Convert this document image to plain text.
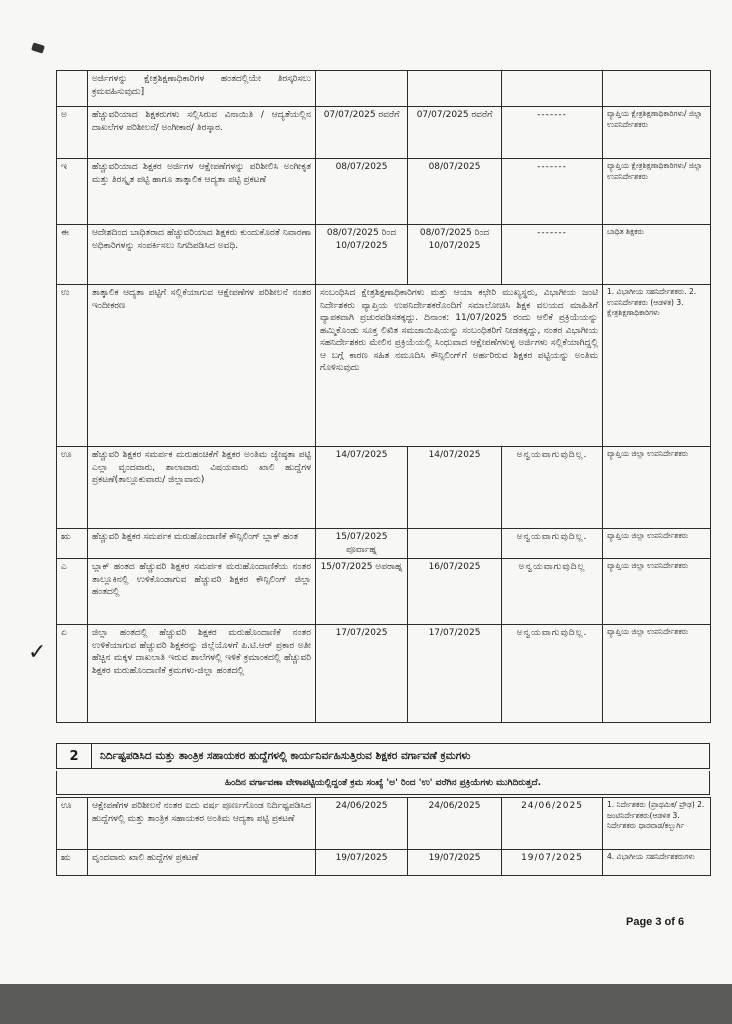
✓
	ಅರ್ಜಿಗಳನ್ನು ಕ್ಷೇತ್ರಶಿಕ್ಷಣಾಧಿಕಾರಿಗಳ ಹಂತದಲ್ಲಿಯೇ ತಿರಸ್ಕರಿಸಲು ಕ್ರಮವಹಿಸುವುದು]				
ಅ	ಹೆಚ್ಚುವರಿಯಾದ ಶಿಕ್ಷಕರುಗಳು ಸಲ್ಲಿಸಿರುವ ವಿನಾಯಿತಿ / ಆದ್ಯತೆಯಲ್ಲಿನ ದಾಖಲೆಗಳ ಪರಿಶೀಲನೆ/ ಅಂಗೀಕಾರ/ ತಿರಸ್ಕಾರ.	07/07/2025 ರವರೆಗೆ	07/07/2025 ರವರೆಗೆ	-------	ವ್ಯಾಪ್ತಿಯ ಕ್ಷೇತ್ರಶಿಕ್ಷಣಾಧಿಕಾರಿಗಳು/ ಜಿಲ್ಲಾ ಉಪನಿರ್ದೇಶಕರು
ಇ	ಹೆಚ್ಚುವರಿಯಾದ ಶಿಕ್ಷಕರ ಅರ್ಜಿಗಳ ಆಕ್ಷೇಪಣೆಗಳನ್ನು ಪರಿಶೀಲಿಸಿ ಅಂಗೀಕೃತ ಮತ್ತು ತಿರಸ್ಕೃತ ಪಟ್ಟಿ ಹಾಗೂ ತಾತ್ಕಾಲಿಕ ಆದ್ಯತಾ ಪಟ್ಟಿ ಪ್ರಕಟಣೆ	08/07/2025	08/07/2025	-------	ವ್ಯಾಪ್ತಿಯ ಕ್ಷೇತ್ರಶಿಕ್ಷಣಾಧಿಕಾರಿಗಳು/ ಜಿಲ್ಲಾ ಉಪನಿರ್ದೇಶಕರು
ಈ	ಆದೇಶದಿಂದ ಬಾಧಿತರಾದ ಹೆಚ್ಚುವರಿಯಾದ ಶಿಕ್ಷಕರು ಕುಂದುಕೊರತೆ ನಿವಾರಣಾ ಅಧಿಕಾರಿಗಳನ್ನು ಸಂಪರ್ಕಿಸಲು ನಿಗದಿಪಡಿಸಿದ ಅವಧಿ.	08/07/2025 ರಿಂದ 10/07/2025	08/07/2025 ರಿಂದ 10/07/2025	-------	ಬಾಧಿತ ಶಿಕ್ಷಕರು
ಉ	ತಾತ್ಕಾಲಿಕ ಆದ್ಯತಾ ಪಟ್ಟಿಗೆ ಸಲ್ಲಿಕೆಯಾಗುವ ಆಕ್ಷೇಪಣೆಗಳ ಪರಿಶೀಲನೆ ನಂತರ ಇಂದೀಕರಣ	ಸಂಬಂಧಿಸಿದ ಕ್ಷೇತ್ರಶಿಕ್ಷಣಾಧಿಕಾರಿಗಳು ಮತ್ತು ಆಯಾ ಕಛೇರಿ ಮುಖ್ಯಸ್ಥರು, ವಿಭಾಗೀಯ ಜಂಟಿ ನಿರ್ದೇಶಕರು ವ್ಯಾಪ್ತಿಯ ಉಪನಿರ್ದೇಶಕರೊಂದಿಗೆ ಸಮಾಲೋಚಿಸಿ ಶಿಕ್ಷಕ ವಲಯದ ಮಾಹಿತಿಗೆ ವ್ಯಾಪಕವಾಗಿ ಪ್ರಚುರಪಡಿಸತಕ್ಕದ್ದು. ದಿನಾಂಕ: 11/07/2025 ರಂದು ಆಲಿಕೆ ಪ್ರಕ್ರಿಯೆಯನ್ನು ಹಮ್ಮಿಕೊಂಡು ಸೂಕ್ತ ಲಿಖಿತ ಸಮಜಾಯಿಷಿಯನ್ನು ಸಂಬಂಧಿತರಿಗೆ ನೀಡತಕ್ಕದ್ದು, ನಂತರ ವಿಭಾಗೀಯ ಸಹನಿರ್ದೇಶಕರು ಮೇಲಿನ ಪ್ರಕ್ರಿಯೆಯಲ್ಲಿ ಸಿಂಧುವಾದ ಆಕ್ಷೇಪಣೆಗಳುಳ್ಳ ಅರ್ಜಿಗಳು ಸಲ್ಲಿಕೆಯಾಗಿದ್ದಲ್ಲಿ ಆ ಬಗ್ಗೆ ಕಾರಣ ಸಹಿತ ನಮೂದಿಸಿ ಕೌನ್ಸಿಲಿಂಗ್‌ಗೆ ಅರ್ಹರಿರುವ ಶಿಕ್ಷಕರ ಪಟ್ಟಿಯನ್ನು ಅಂತಿಮ ಗೊಳಿಸುವುದು			1. ವಿಭಾಗೀಯ ಸಹನಿರ್ದೇಶಕರು. 2. ಉಪನಿರ್ದೇಶಕರು (ಆಡಳಿತ) 3. ಕ್ಷೇತ್ರಶಿಕ್ಷಣಾಧಿಕಾರಿಗಳು
ಊ	ಹೆಚ್ಚುವರಿ ಶಿಕ್ಷಕರ ಸಮರ್ಪಕ ಮರುಹಂಚಿಕೆಗೆ ಶಿಕ್ಷಕರ ಅಂತಿಮ ಜ್ಯೇಷ್ಠತಾ ಪಟ್ಟಿ ಎಲ್ಲಾ ವೃಂದವಾರು, ಶಾಲಾವಾರು ವಿಷಯವಾರು ಖಾಲಿ ಹುದ್ದೆಗಳ ಪ್ರಕಟಣೆ(ತಾಲ್ಲೂಕುವಾರು/ ಜಿಲ್ಲಾವಾರು)	14/07/2025	14/07/2025	ಅನ್ವಯವಾಗುವುದಿಲ್ಲ.	ವ್ಯಾಪ್ತಿಯ ಜಿಲ್ಲಾ ಉಪನಿರ್ದೇಶಕರು
ಋ	ಹೆಚ್ಚುವರಿ ಶಿಕ್ಷಕರ ಸಮರ್ಪಕ ಮರುಹೊಂದಾಣಿಕೆ ಕೌನ್ಸಿಲಿಂಗ್ ಬ್ಲಾಕ್ ಹಂತ	15/07/2025 ಪೂರ್ವಾಹ್ನ		ಅನ್ವಯವಾಗುವುದಿಲ್ಲ.	ವ್ಯಾಪ್ತಿಯ ಜಿಲ್ಲಾ ಉಪನಿರ್ದೇಶಕರು
ಎ	ಬ್ಲಾಕ್ ಹಂತದ ಹೆಚ್ಚುವರಿ ಶಿಕ್ಷಕರ ಸಮರ್ಪಕ ಮರುಹೊಂದಾಣಿಕೆಯ ನಂತರ ತಾಲ್ಲೂಕಿನಲ್ಲಿ ಉಳಿಕೊಂಡಾಗುವ ಹೆಚ್ಚುವರಿ ಶಿಕ್ಷಕರ ಕೌನ್ಸಿಲಿಂಗ್ ಜಿಲ್ಲಾ ಹಂತದಲ್ಲಿ	15/07/2025 ಅಪರಾಹ್ನ	16/07/2025	ಅನ್ವಯವಾಗುವುದಿಲ್ಲ	ವ್ಯಾಪ್ತಿಯ ಜಿಲ್ಲಾ ಉಪನಿರ್ದೇಶಕರು
ಏ	ಜಿಲ್ಲಾ ಹಂತದಲ್ಲಿ ಹೆಚ್ಚುವರಿ ಶಿಕ್ಷಕರ ಮರುಹೊಂದಾಣಿಕೆ ನಂತರ ಉಳಿಕೆಯಾಗುವ ಹೆಚ್ಚುವರಿ ಶಿಕ್ಷಕರನ್ನು ಜಿಲ್ಲೆಯೊಳಗೆ ಪಿ.ಟಿ.ಆರ್ ಪ್ರಕಾರ ಅತೀ ಹೆಚ್ಚಿನ ಮಕ್ಕಳ ದಾಖಲಾತಿ ಇರುವ ಶಾಲೆಗಳಲ್ಲಿ ಇಳಿಕೆ ಕ್ರಮಾಂಕದಲ್ಲಿ ಹೆಚ್ಚುವರಿ ಶಿಕ್ಷಕರ ಮರುಹೊಂದಾಣಿಕೆ ಕ್ರಮಗಳು-ಜಿಲ್ಲಾ ಹಂತದಲ್ಲಿ	17/07/2025	17/07/2025	ಅನ್ವಯವಾಗುವುದಿಲ್ಲ.	ವ್ಯಾಪ್ತಿಯ ಜಿಲ್ಲಾ ಉಪನಿರ್ದೇಶಕರು
2	ನಿರ್ದಿಷ್ಟಪಡಿಸಿದ ಮತ್ತು ತಾಂತ್ರಿಕ ಸಹಾಯಕರ ಹುದ್ದೆಗಳಲ್ಲಿ ಕಾರ್ಯನಿರ್ವಹಿಸುತ್ತಿರುವ ಶಿಕ್ಷಕರ ವರ್ಗಾವಣೆ ಕ್ರಮಗಳು
ಹಿಂದಿನ ವರ್ಗಾವಣಾ ವೇಳಾಪಟ್ಟಿಯಲ್ಲಿದ್ದಂತೆ ಕ್ರಮ ಸಂಖ್ಯೆ 'ಅ' ರಿಂದ 'ಉ' ವರೆಗಿನ ಪ್ರಕ್ರಿಯೆಗಳು ಮುಗಿದಿರುತ್ತದೆ.
ಊ	ಆಕ್ಷೇಪಣೆಗಳ ಪರಿಶೀಲನೆ ನಂತರ ಐದು ವರ್ಷ ಪೂರ್ಣಗೊಂಡ ನಿರ್ದಿಷ್ಟಪಡಿಸಿದ ಹುದ್ದೆಗಳಲ್ಲಿ ಮತ್ತು ತಾಂತ್ರಿಕ ಸಹಾಯಕರ ಅಂತಿಮ ಆದ್ಯತಾ ಪಟ್ಟಿ ಪ್ರಕಟಣೆ	24/06/2025	24/06/2025	24/06/2025	1. ನಿರ್ದೇಶಕರು (ಪ್ರಾಥಮಿಕ/ ಪ್ರೌಢ) 2. ಜಂಟಿನಿರ್ದೇಶಕರು(ಆಡಳಿತ 3. ನಿರ್ದೇಶಕರು ಧಾರವಾಡ/ಕಲ್ಬುರ್ಗಿ
ಋ	ವೃಂದವಾರು ಖಾಲಿ ಹುದ್ದೆಗಳ ಪ್ರಕಟಣೆ	19/07/2025	19/07/2025	19/07/2025	4. ವಿಭಾಗೀಯ ಸಹನಿರ್ದೇಶಕರುಗಳು
Page 3 of 6
